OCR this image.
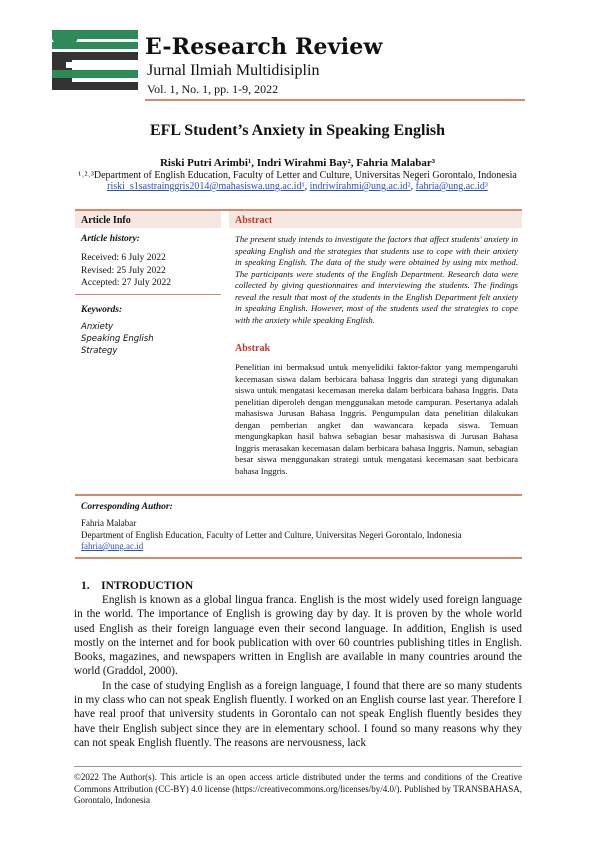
E-Research Review
Jurnal Ilmiah Multidisiplin
Vol. 1, No. 1, pp. 1-9, 2022
EFL Student’s Anxiety in Speaking English
Riski Putri Arimbi¹, Indri Wirahmi Bay², Fahria Malabar³
¹˒²˒³Department of English Education, Faculty of Letter and Culture, Universitas Negeri Gorontalo, Indonesia
riski_s1sastrainggris2014@mahasiswa.ung.ac.id¹, indriwirahmi@ung.ac.id², fahria@ung.ac.id³
Article Info	Abstract
Article history:
Received: 6 July 2022
Revised: 25 July 2022
Accepted: 27 July 2022
Keywords:
Anxiety
Speaking English
Strategy
The present study intends to investigate the factors that affect students' anxiety in speaking English and the strategies that students use to cope with their anxiety in speaking English. The data of the study were obtained by using mix method. The participants were students of the English Department. Research data were collected by giving questionnaires and interviewing the students. The findings reveal the result that most of the students in the English Department felt anxiety in speaking English. However, most of the students used the strategies to cope with the anxiety while speaking English.
Abstrak
Penelitian ini bermaksud untuk menyelidiki faktor-faktor yang mempengaruhi kecemasan siswa dalam berbicara bahasa Inggris dan strategi yang digunakan siswa untuk mengatasi kecemasan mereka dalam berbicara bahasa Inggris. Data penelitian diperoleh dengan menggunakan metode campuran. Pesertanya adalah mahasiswa Jurusan Bahasa Inggris. Pengumpulan data penelitian dilakukan dengan pemberian angket dan wawancara kepada siswa. Temuan mengungkapkan hasil bahwa sebagian besar mahasiswa di Jurusan Bahasa Inggris merasakan kecemasan dalam berbicara bahasa Inggris. Namun, sebagian besar siswa menggunakan strategi untuk mengatasi kecemasan saat berbicara bahasa Inggris.
Corresponding Author:
Fahria Malabar
Department of English Education, Faculty of Letter and Culture, Universitas Negeri Gorontalo, Indonesia
fahria@ung.ac.id
1.    INTRODUCTION

English is known as a global lingua franca. English is the most widely used foreign language in the world. The importance of English is growing day by day. It is proven by the whole world used English as their foreign language even their second language. In addition, English is used mostly on the internet and for book publication with over 60 countries publishing titles in English. Books, magazines, and newspapers written in English are available in many countries around the world (Graddol, 2000).

In the case of studying English as a foreign language, I found that there are so many students in my class who can not speak English fluently. I worked on an English course last year. Therefore I have real proof that university students in Gorontalo can not speak English fluently besides they have their English subject since they are in elementary school. I found so many reasons why they can not speak English fluently. The reasons are nervousness, lack

©2022 The Author(s). This article is an open access article distributed under the terms and conditions of the Creative Commons Attribution (CC-BY) 4.0 license (https://creativecommons.org/licenses/by/4.0/). Published by TRANSBAHASA, Gorontalo, Indonesia
